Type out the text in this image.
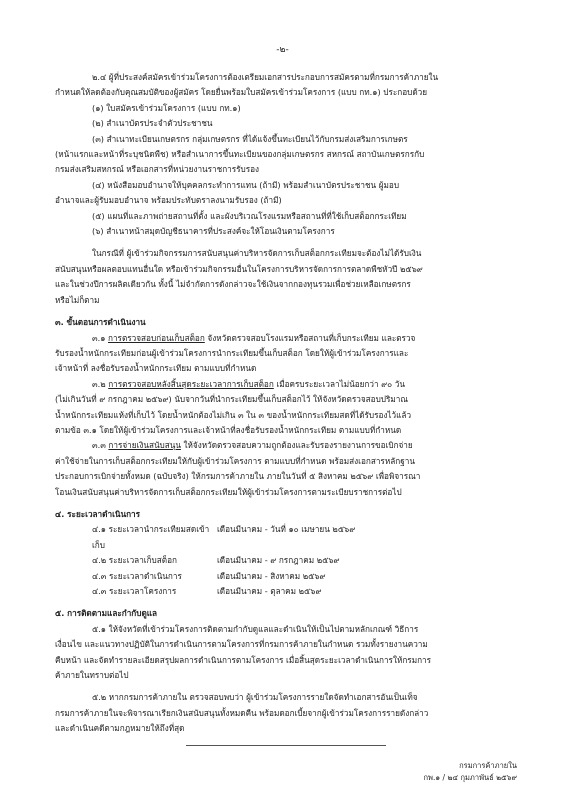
-๒-

๒.๔ ผู้ที่ประสงค์สมัครเข้าร่วมโครงการต้องเตรียมเอกสารประกอบการสมัครตามที่กรมการค้าภายใน

กำหนดให้ลดต้องกับคุณสมบัติของผู้สมัคร โดยยื่นพร้อมใบสมัครเข้าร่วมโครงการ (แบบ กท.๑) ประกอบด้วย

(๑) ใบสมัครเข้าร่วมโครงการ (แบบ กท.๑)

(๒) สำเนาบัตรประจำตัวประชาชน

(๓) สำเนาทะเบียนเกษตรกร กลุ่มเกษตรกร ที่ได้แจ้งขึ้นทะเบียนไว้กับกรมส่งเสริมการเกษตร

(หน้าแรกและหน้าที่ระบุชนิดพืช) หรือสำเนาการขึ้นทะเบียนของกลุ่มเกษตรกร สหกรณ์ สถาบันเกษตรกรกับ

กรมส่งเสริมสหกรณ์ หรือเอกสารที่หน่วยงานราชการรับรอง

(๔) หนังสือมอบอำนาจให้บุคคลกระทำการแทน (ถ้ามี) พร้อมสำเนาบัตรประชาชน ผู้มอบ

อำนาจและผู้รับมอบอำนาจ พร้อมประทับตราลงนามรับรอง (ถ้ามี)

(๕) แผนที่และภาพถ่ายสถานที่ตั้ง และผังบริเวณโรงแรมหรือสถานที่ที่ใช้เก็บสต็อกกระเทียม

(๖) สำเนาหน้าสมุดบัญชีธนาคารที่ประสงค์จะให้โอนเงินตามโครงการ

ในกรณีที่ ผู้เข้าร่วมกิจกรรมการสนับสนุนค่าบริหารจัดการเก็บสต็อกกระเทียมจะต้องไม่ได้รับเงิน

สนับสนุนหรือผลตอบแทนอื่นใด หรือเข้าร่วมกิจกรรมอื่นในโครงการบริหารจัดการการตลาดพืชหัวปี ๒๕๖๙

และในช่วงปีการผลิตเดียวกัน ทั้งนี้ ไม่จำกัดการดังกล่าวจะใช้เงินจากกองทุนรวมเพื่อช่วยเหลือเกษตรกร

หรือไม่ก็ตาม

๓. ขั้นตอนการดำเนินงาน

๓.๑ การตรวจสอบก่อนเก็บสต็อก จังหวัดตรวจสอบโรงแรมหรือสถานที่เก็บกระเทียม และตรวจ

รับรองน้ำหนักกระเทียมก่อนผู้เข้าร่วมโครงการนำกระเทียมขึ้นเก็บสต็อก โดยให้ผู้เข้าร่วมโครงการและ

เจ้าหน้าที่ ลงชื่อรับรองน้ำหนักกระเทียม ตามแบบที่กำหนด

๓.๒ การตรวจสอบหลังสิ้นสุดระยะเวลาการเก็บสต็อก เมื่อครบระยะเวลาไม่น้อยกว่า ๙๐ วัน

(ไม่เกินวันที่ ๙ กรกฎาคม ๒๕๖๙) นับจากวันที่นำกระเทียมขึ้นเก็บสต็อกไว้ ให้จังหวัดตรวจสอบปริมาณ

น้ำหนักกระเทียมแห้งที่เก็บไว้ โดยน้ำหนักต้องไม่เกิน ๓ ใน ๓ ของน้ำหนักกระเทียมสดที่ได้รับรองไว้แล้ว

ตามข้อ ๓.๑ โดยให้ผู้เข้าร่วมโครงการและเจ้าหน้าที่ลงชื่อรับรองน้ำหนักกระเทียม ตามแบบที่กำหนด

๓.๓ การจ่ายเงินสนับสนุน ให้จังหวัดตรวจสอบความถูกต้องและรับรองรายงานการขอเบิกจ่าย

ค่าใช้จ่ายในการเก็บสต็อกกระเทียมให้กับผู้เข้าร่วมโครงการ ตามแบบที่กำหนด พร้อมส่งเอกสารหลักฐาน

ประกอบการเบิกจ่ายทั้งหมด (ฉบับจริง) ให้กรมการค้าภายใน ภายในวันที่ ๕ สิงหาคม ๒๕๖๙ เพื่อพิจารณา

โอนเงินสนับสนุนค่าบริหารจัดการเก็บสต็อกกระเทียมให้ผู้เข้าร่วมโครงการตามระเบียบราชการต่อไป

๔. ระยะเวลาดำเนินการ

๔.๑ ระยะเวลานำกระเทียมสดเข้าเก็บ
เดือนมีนาคม - วันที่ ๑๐ เมษายน ๒๕๖๙
๔.๒ ระยะเวลาเก็บสต็อก	เดือนมีนาคม - ๙ กรกฎาคม ๒๕๖๙
๔.๓ ระยะเวลาดำเนินการ	เดือนมีนาคม - สิงหาคม ๒๕๖๙
๔.๓ ระยะเวลาโครงการ	เดือนมีนาคม - ตุลาคม ๒๕๖๙

๕. การติดตามและกำกับดูแล

๕.๑ ให้จังหวัดที่เข้าร่วมโครงการติดตามกำกับดูแลและดำเนินให้เป็นไปตามหลักเกณฑ์ วิธีการ

เงื่อนไข และแนวทางปฏิบัติในการดำเนินการตามโครงการที่กรมการค้าภายในกำหนด รวมทั้งรายงานความ

คืบหน้า และจัดทำรายละเอียดสรุปผลการดำเนินการตามโครงการ เมื่อสิ้นสุดระยะเวลาดำเนินการให้กรมการ

ค้าภายในทราบต่อไป

๕.๒ หากกรมการค้าภายใน ตรวจสอบพบว่า ผู้เข้าร่วมโครงการรายใดจัดทำเอกสารอันเป็นเท็จ

กรมการค้าภายในจะพิจารณาเรียกเงินสนับสนุนทั้งหมดคืน พร้อมดอกเบี้ยจากผู้เข้าร่วมโครงการรายดังกล่าว

และดำเนินคดีตามกฎหมายให้ถึงที่สุด

กรมการค้าภายใน
กพ.๑ / ๒๔ กุมภาพันธ์ ๒๕๖๙
